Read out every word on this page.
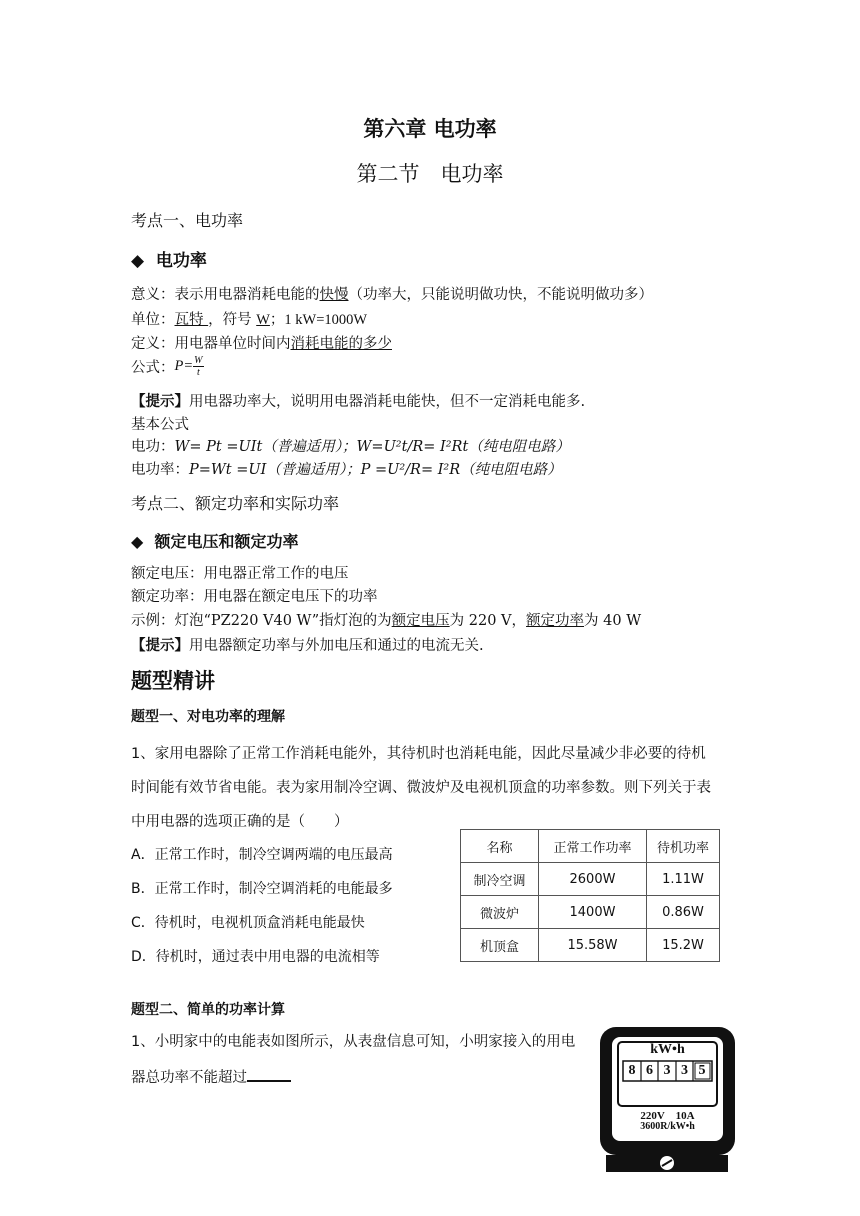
第六章 电功率
第二节　电功率
考点一、电功率
◆ 电功率
意义：表示用电器消耗电能的快慢（功率大，只能说明做功快，不能说明做功多）
单位：瓦特 ，符号 W；1 kW=1000W
定义：用电器单位时间内消耗电能的多少
公式：$P= \frac{W}{t}$
【提示】用电器功率大，说明用电器消耗电能快，但不一定消耗电能多.
基本公式
电功：W= Pt =UIt（普遍适用）；W=U²t/R= I²Rt（纯电阻电路）
电功率：P=Wt =UI（普遍适用）；P =U²/R= I²R（纯电阻电路）
考点二、额定功率和实际功率
◆ 额定电压和额定功率
额定电压：用电器正常工作的电压
额定功率：用电器在额定电压下的功率
示例：灯泡“PZ220 V40 W”指灯泡的为额定电压为 220 V，额定功率为 40 W
【提示】用电器额定功率与外加电压和通过的电流无关.
题型精讲
题型一、对电功率的理解
1、家用电器除了正常工作消耗电能外，其待机时也消耗电能，因此尽量减少非必要的待机
时间能有效节省电能。表为家用制冷空调、微波炉及电视机顶盒的功率参数。则下列关于表
中用电器的选项正确的是（　　）
A．正常工作时，制冷空调两端的电压最高
B．正常工作时，制冷空调消耗的电能最多
C．待机时，电视机顶盒消耗电能最快
D．待机时，通过表中用电器的电流相等
名称	正常工作功率	待机功率
制冷空调	2600W	1.11W
微波炉	1400W	0.86W
机顶盒	15.58W	15.2W
题型二、简单的功率计算
1、小明家中的电能表如图所示，从表盘信息可知，小明家接入的用电
器总功率不能超过
kW•h
8 6 3 3 5
220V　10A
3600R/kW•h
